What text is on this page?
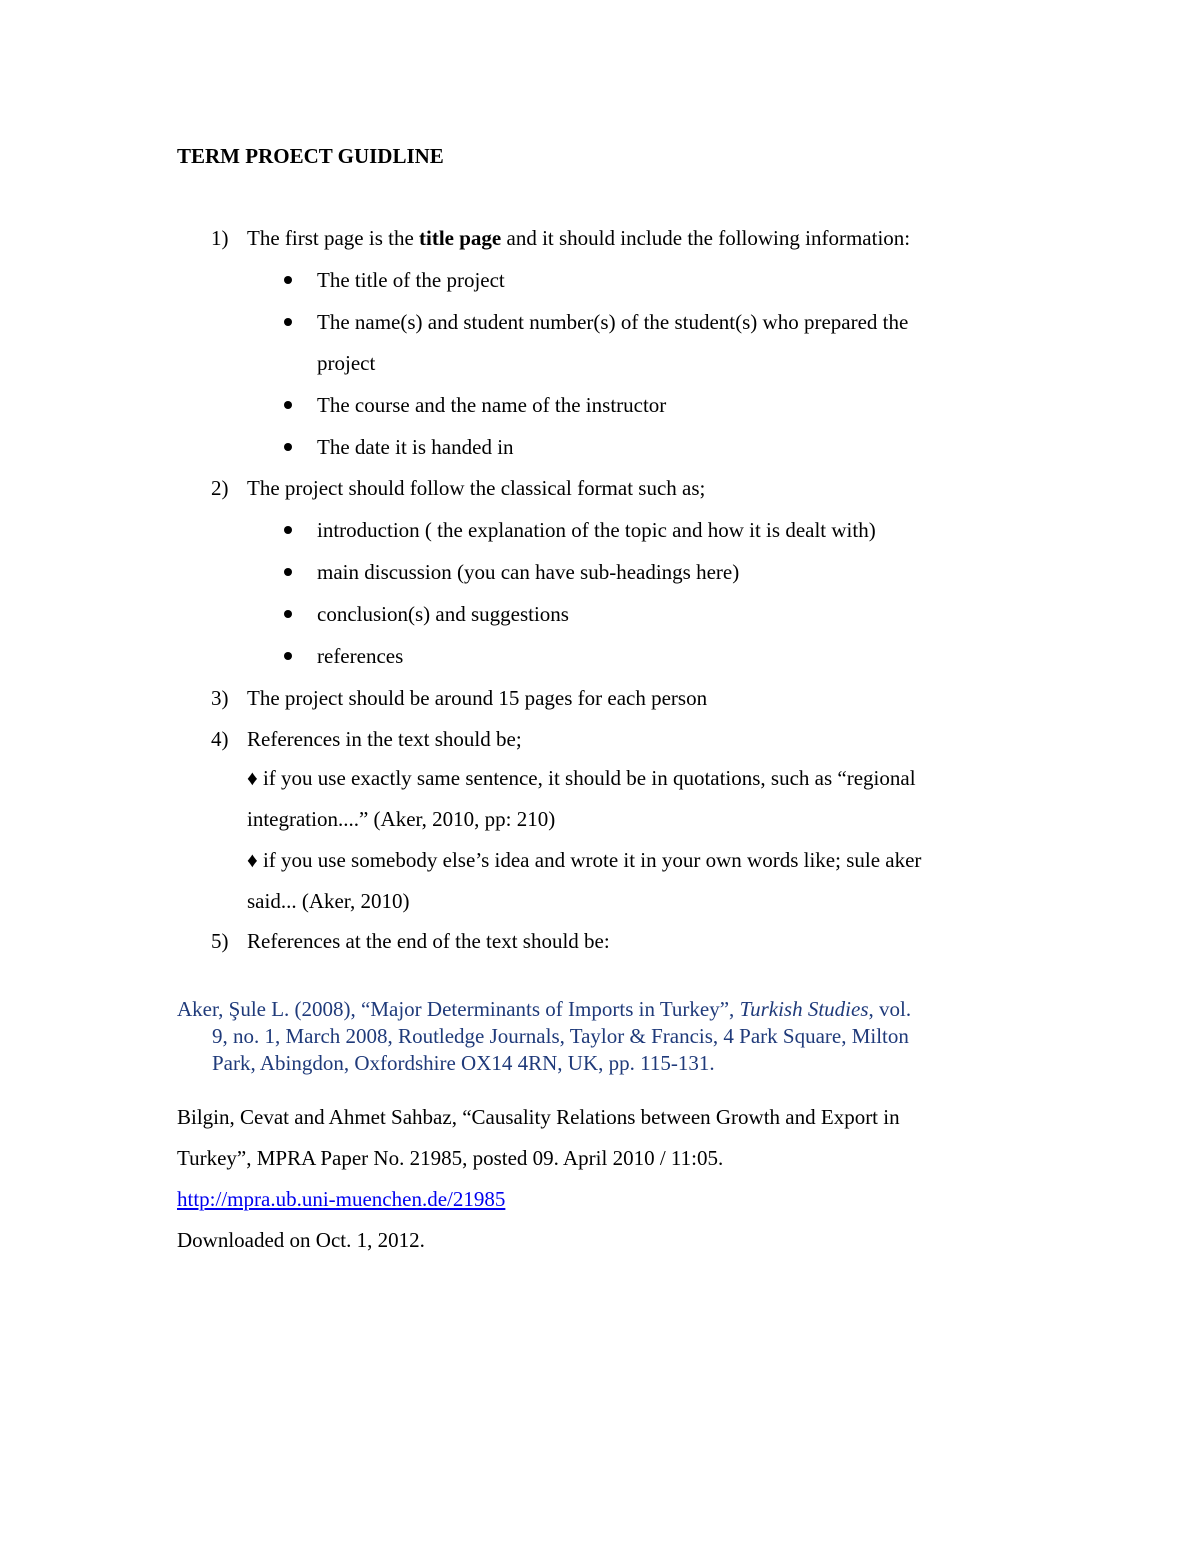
TERM PROECT GUIDLINE
1) The first page is the title page and it should include the following information:
The title of the project
The name(s) and student number(s) of the student(s) who prepared the
project
The course and the name of the instructor
The date it is handed in
2) The project should follow the classical format such as;
introduction ( the explanation of the topic and how it is dealt with)
main discussion (you can have sub-headings here)
conclusion(s) and suggestions
references
3) The project should be around 15 pages for each person
4) References in the text should be;
♦ if you use exactly same sentence, it should be in quotations, such as “regional
integration....” (Aker, 2010, pp: 210)
♦ if you use somebody else’s idea and wrote it in your own words like; sule aker
said... (Aker, 2010)
5) References at the end of the text should be:
Aker, Şule L. (2008), “Major Determinants of Imports in Turkey”, Turkish Studies, vol.
9, no. 1, March 2008, Routledge Journals, Taylor & Francis, 4 Park Square, Milton
Park, Abingdon, Oxfordshire OX14 4RN, UK, pp. 115-131.
Bilgin, Cevat and Ahmet Sahbaz, “Causality Relations between Growth and Export in
Turkey”, MPRA Paper No. 21985, posted 09. April 2010 / 11:05.
http://mpra.ub.uni-muenchen.de/21985
Downloaded on Oct. 1, 2012.
